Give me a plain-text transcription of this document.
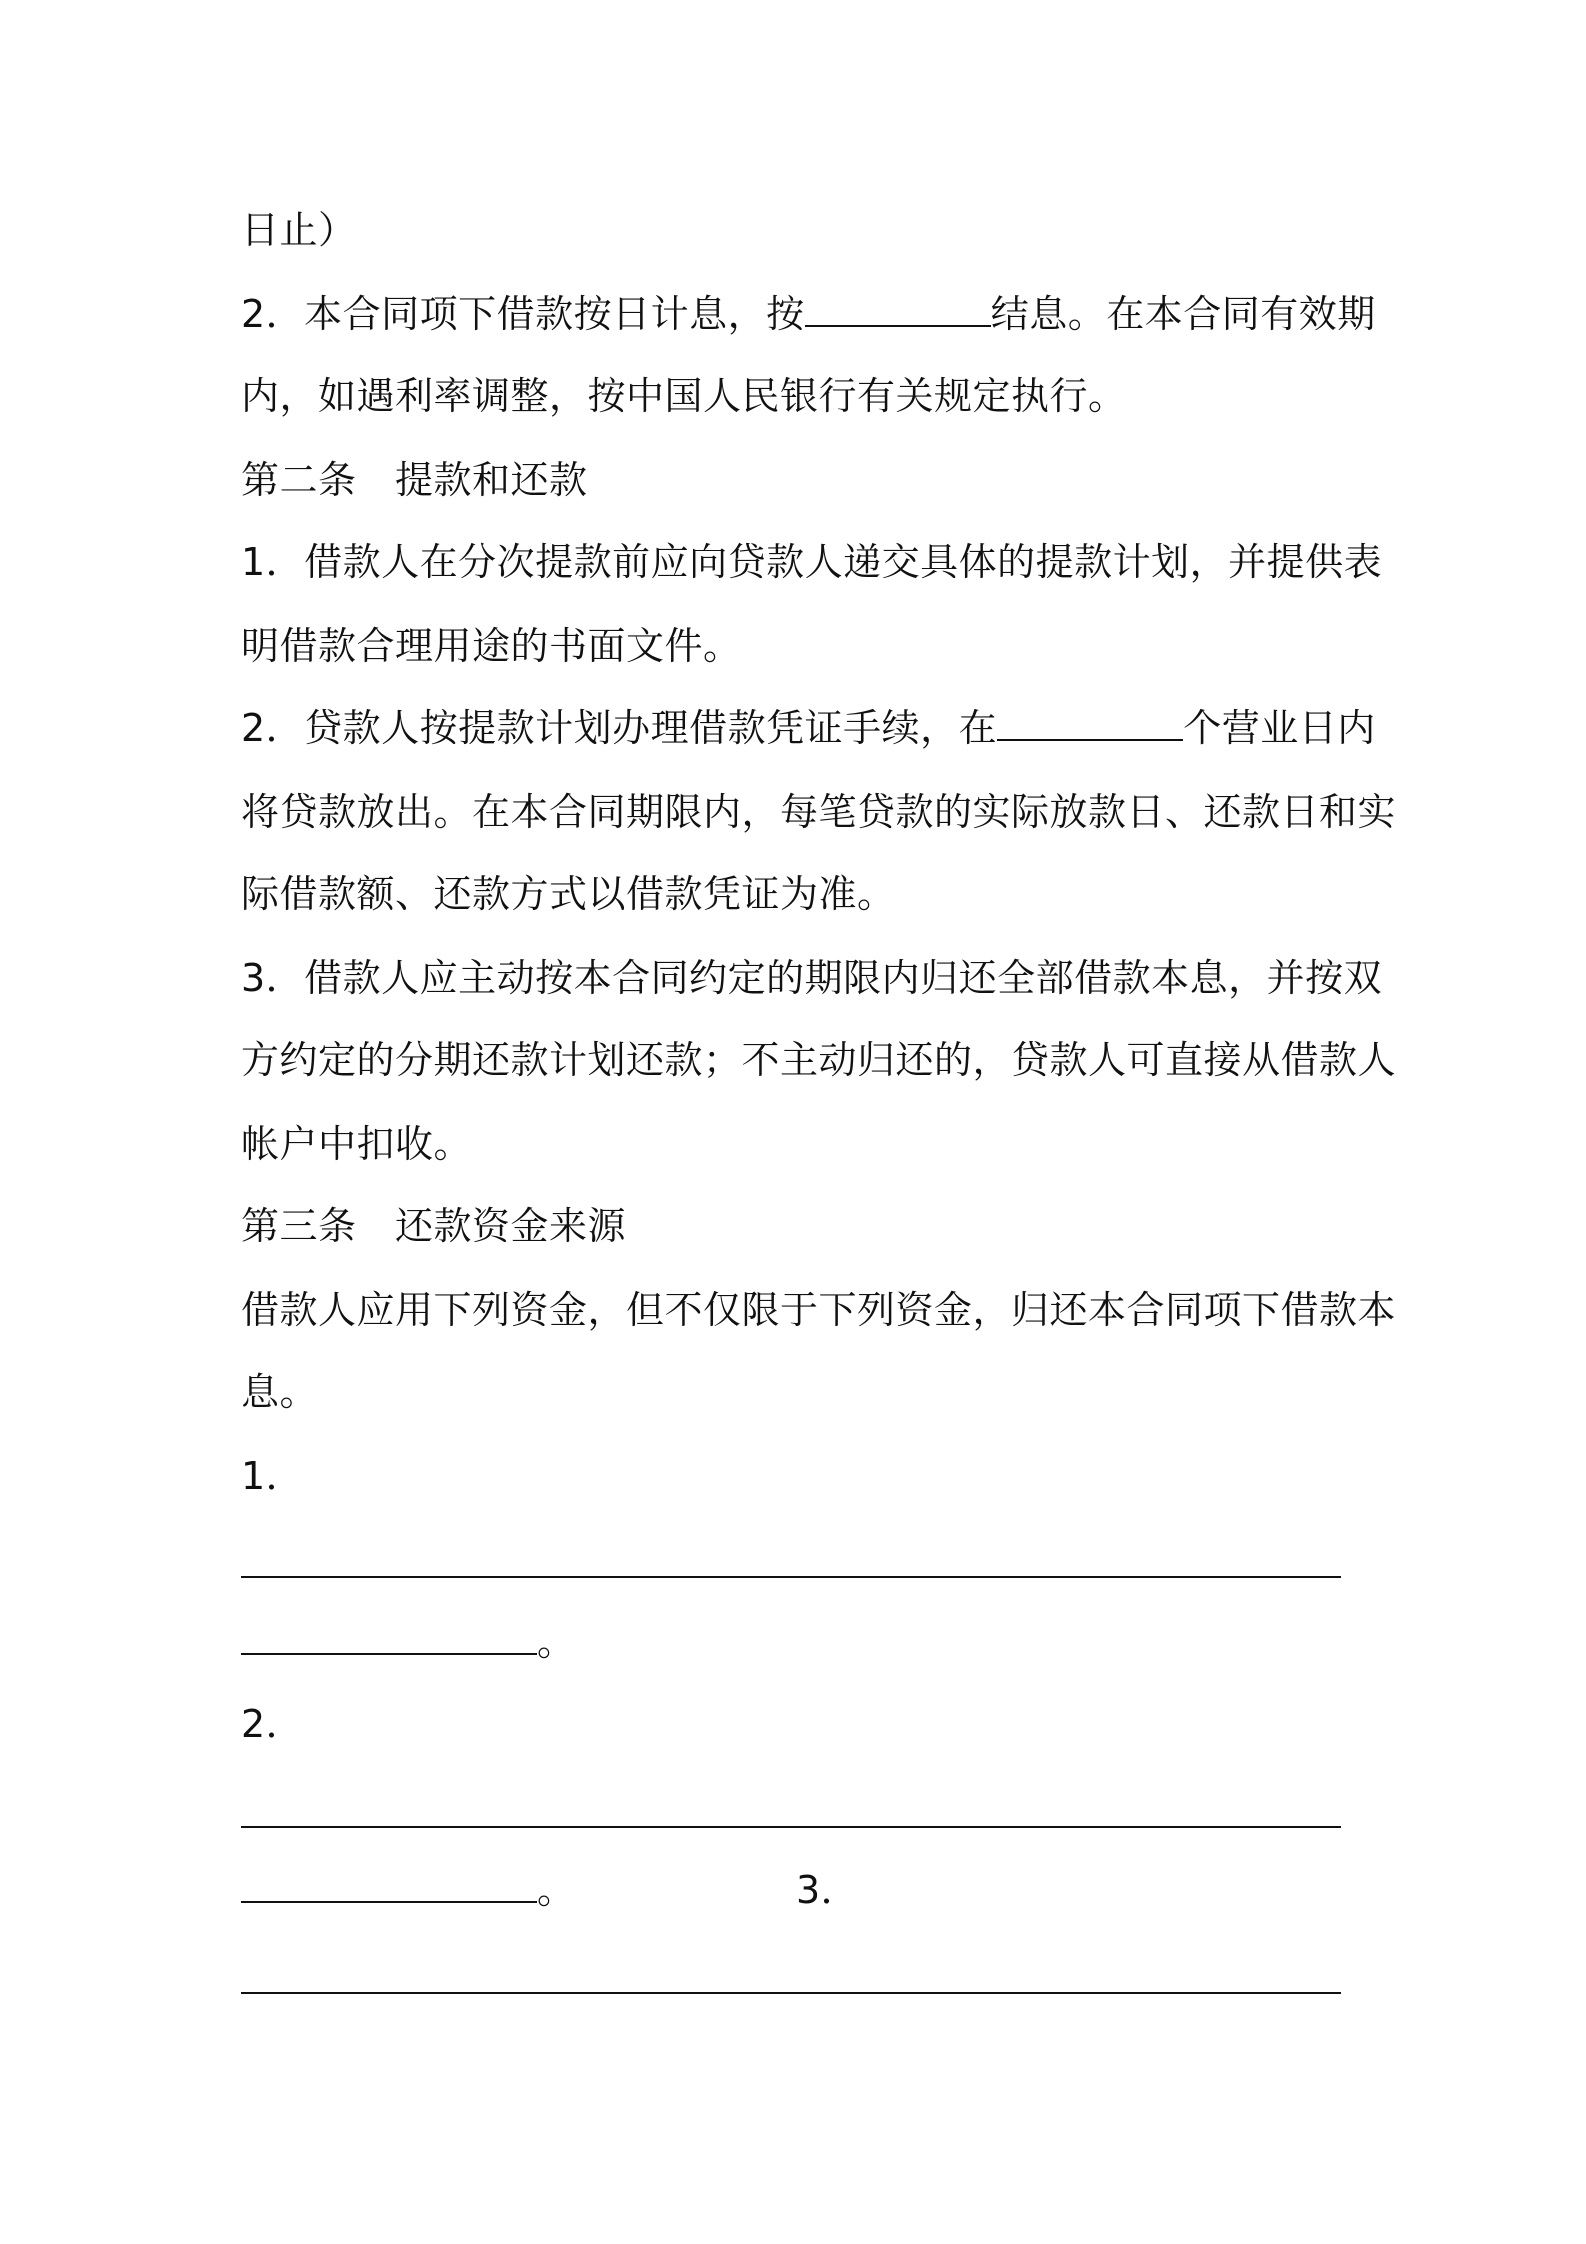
日止）
2．本合同项下借款按日计息，按	结息。在本合同有效期
内，如遇利率调整，按中国人民银行有关规定执行。
第二条　提款和还款
1．借款人在分次提款前应向贷款人递交具体的提款计划，并提供表
明借款合理用途的书面文件。
2．贷款人按提款计划办理借款凭证手续，在	个营业日内
将贷款放出。在本合同期限内，每笔贷款的实际放款日、还款日和实
际借款额、还款方式以借款凭证为准。
3．借款人应主动按本合同约定的期限内归还全部借款本息，并按双
方约定的分期还款计划还款；不主动归还的，贷款人可直接从借款人
帐户中扣收。
第三条　还款资金来源
借款人应用下列资金，但不仅限于下列资金，归还本合同项下借款本
息。
1．
。
2．
。	3．
